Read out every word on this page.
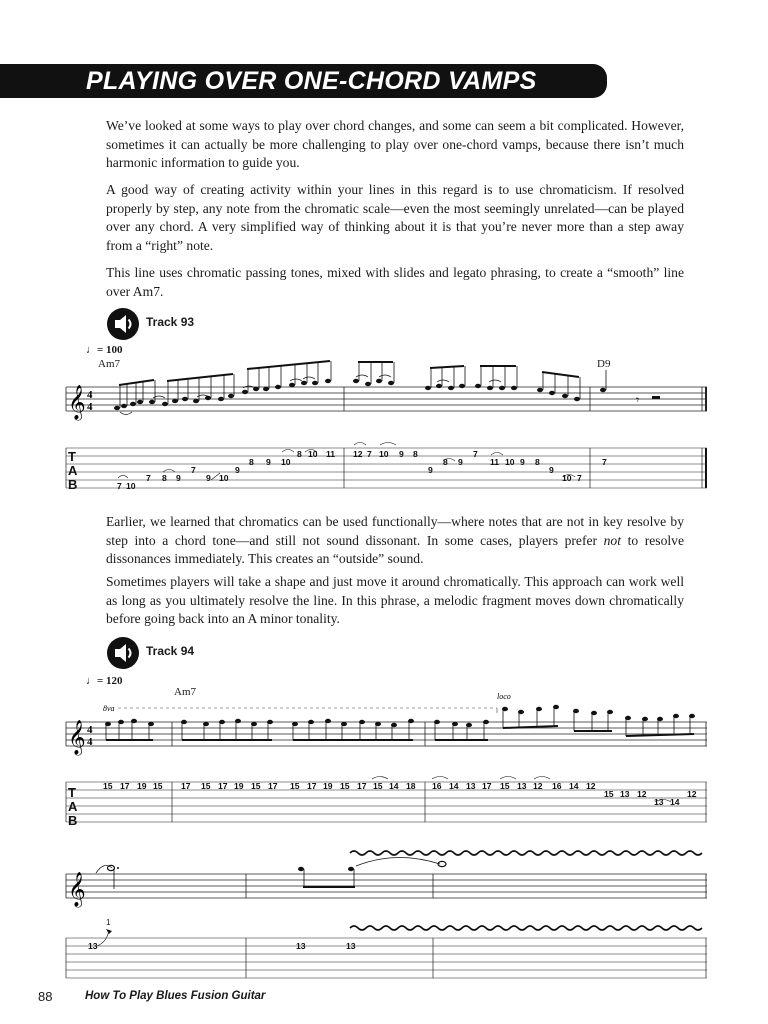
PLAYING OVER ONE-CHORD VAMPS

We’ve looked at some ways to play over chord changes, and some can seem a bit complicated. However, sometimes it can actually be more challenging to play over one-chord vamps, because there isn’t much harmonic information to guide you.

A good way of creating activity within your lines in this regard is to use chromaticism. If resolved properly by step, any note from the chromatic scale—even the most seemingly unrelated—can be played over any chord. A very simplified way of thinking about it is that you’re never more than a step away from a “right” note.

This line uses chromatic passing tones, mixed with slides and legato phrasing, to create a “smooth” line over Am7.

Track 93
♩= 100
Am7	D9
𝄞 4
4	𝄾
T
A
B	7 10
7 8 9
7
9 10
9
8 9 10
8 10 11 12 7 10 9 8
9
8 9
7
11 10 9 8
9
10 7
7

Earlier, we learned that chromatics can be used functionally—where notes that are not in key resolve by step into a chord tone—and still not sound dissonant. In some cases, players prefer not to resolve dissonances immediately. This creates an “outside” sound.

Sometimes players will take a shape and just move it around chromatically. This approach can work well as long as you ultimately resolve the line. In this phrase, a melodic fragment moves down chromatically before going back into an A minor tonality.

Track 94
♩= 120
Am7
8va
loco
𝄞 4
4
T
A
B
15 17 19 15 17 15 17 19 15 17 15 17 19 15 17 15 14 18 16 14 13 17 15 13 12 16 14 12
15 13 12
13 14
12
𝄞
1
13	13	13
88	How To Play Blues Fusion Guitar
